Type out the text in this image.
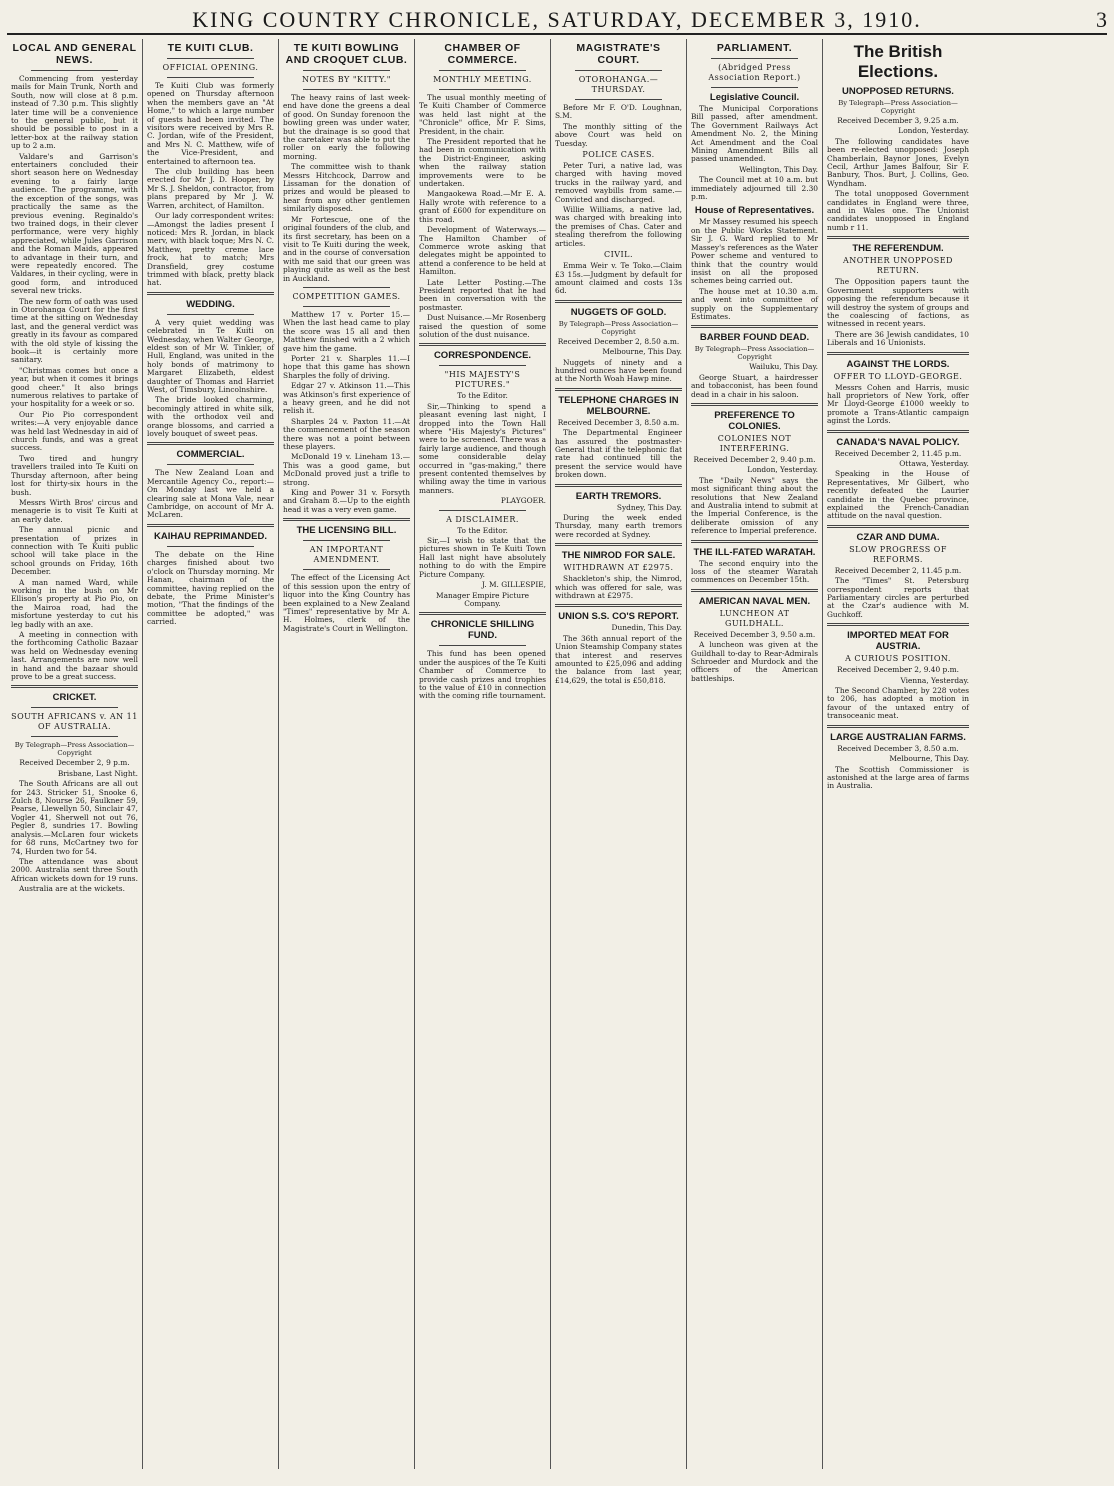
KING COUNTRY CHRONICLE, SATURDAY, DECEMBER 3, 1910.	3
LOCAL AND GENERAL NEWS.

Commencing from yesterday mails for Main Trunk, North and South, now will close at 8 p.m. instead of 7.30 p.m. This slightly later time will be a convenience to the general public, but it should be possible to post in a letter-box at the railway station up to 2 a.m.

Valdare's and Garrison's entertainers concluded their short season here on Wednesday evening to a fairly large audience. The programme, with the exception of the songs, was practically the same as the previous evening. Reginaldo's two trained dogs, in their clever performance, were very highly appreciated, while Jules Garrison and the Roman Maids, appeared to advantage in their turn, and were repeatedly encored. The Valdares, in their cycling, were in good form, and introduced several new tricks.

The new form of oath was used in Otorohanga Court for the first time at the sitting on Wednesday last, and the general verdict was greatly in its favour as compared with the old style of kissing the book—it is certainly more sanitary.

"Christmas comes but once a year, but when it comes it brings good cheer." It also brings numerous relatives to partake of your hospitality for a week or so.

Our Pio Pio correspondent writes:—A very enjoyable dance was held last Wednesday in aid of church funds, and was a great success.

Two tired and hungry travellers trailed into Te Kuiti on Thursday afternoon, after being lost for thirty-six hours in the bush.

Messrs Wirth Bros' circus and menagerie is to visit Te Kuiti at an early date.

The annual picnic and presentation of prizes in connection with Te Kuiti public school will take place in the school grounds on Friday, 16th December.

A man named Ward, while working in the bush on Mr Ellison's property at Pio Pio, on the Mairoa road, had the misfortune yesterday to cut his leg badly with an axe.

A meeting in connection with the forthcoming Catholic Bazaar was held on Wednesday evening last. Arrangements are now well in hand and the bazaar should prove to be a great success.

CRICKET.
SOUTH AFRICANS v. AN 11 OF AUSTRALIA.

By Telegraph—Press Association—Copyright

Received December 2, 9 p.m.

Brisbane, Last Night.

The South Africans are all out for 243. Stricker 51, Snooke 6, Zulch 8, Nourse 26, Faulkner 59, Pearse, Llewellyn 50, Sinclair 47, Vogler 41, Sherwell not out 76, Pegler 8, sundries 17. Bowling analysis.—McLaren four wickets for 68 runs, McCartney two for 74, Hurden two for 54.

The attendance was about 2000. Australia sent three South African wickets down for 19 runs.

Australia are at the wickets.

TE KUITI CLUB.
OFFICIAL OPENING.

Te Kuiti Club was formerly opened on Thursday afternoon when the members gave an "At Home," to which a large number of guests had been invited. The visitors were received by Mrs R. C. Jordan, wife of the President, and Mrs N. C. Matthew, wife of the Vice-President, and entertained to afternoon tea.

The club building has been erected for Mr J. D. Hooper, by Mr S. J. Sheldon, contractor, from plans prepared by Mr J. W. Warren, architect, of Hamilton.

Our lady correspondent writes:—Amongst the ladies present I noticed: Mrs R. Jordan, in black merv, with black toque; Mrs N. C. Matthew, pretty creme lace frock, hat to match; Mrs Dransfield, grey costume trimmed with black, pretty black hat.

WEDDING.

A very quiet wedding was celebrated in Te Kuiti on Wednesday, when Walter George, eldest son of Mr W. Tinkler, of Hull, England, was united in the holy bonds of matrimony to Margaret Elizabeth, eldest daughter of Thomas and Harriet West, of Timsbury, Lincolnshire.

The bride looked charming, becomingly attired in white silk, with the orthodox veil and orange blossoms, and carried a lovely bouquet of sweet peas.

COMMERCIAL.

The New Zealand Loan and Mercantile Agency Co., report:—On Monday last we held a clearing sale at Mona Vale, near Cambridge, on account of Mr A. McLaren.

KAIHAU REPRIMANDED.

The debate on the Hine charges finished about two o'clock on Thursday morning. Mr Hanan, chairman of the committee, having replied on the debate, the Prime Minister's motion, "That the findings of the committee be adopted," was carried.

TE KUITI BOWLING AND CROQUET CLUB.
NOTES BY "KITTY."

The heavy rains of last week-end have done the greens a deal of good. On Sunday forenoon the bowling green was under water, but the drainage is so good that the caretaker was able to put the roller on early the following morning.

The committee wish to thank Messrs Hitchcock, Darrow and Lissaman for the donation of prizes and would be pleased to hear from any other gentlemen similarly disposed.

Mr Fortescue, one of the original founders of the club, and its first secretary, has been on a visit to Te Kuiti during the week, and in the course of conversation with me said that our green was playing quite as well as the best in Auckland.

COMPETITION GAMES.

Matthew 17 v. Porter 15.—When the last head came to play the score was 15 all and then Matthew finished with a 2 which gave him the game.

Porter 21 v. Sharples 11.—I hope that this game has shown Sharples the folly of driving.

Edgar 27 v. Atkinson 11.—This was Atkinson's first experience of a heavy green, and he did not relish it.

Sharples 24 v. Paxton 11.—At the commencement of the season there was not a point between these players.

McDonald 19 v. Lineham 13.—This was a good game, but McDonald proved just a trifle to strong.

King and Power 31 v. Forsyth and Graham 8.—Up to the eighth head it was a very even game.

THE LICENSING BILL.
AN IMPORTANT AMENDMENT.

The effect of the Licensing Act of this session upon the entry of liquor into the King Country has been explained to a New Zealand "Times" representative by Mr A. H. Holmes, clerk of the Magistrate's Court in Wellington.

CHAMBER OF COMMERCE.
MONTHLY MEETING.

The usual monthly meeting of Te Kuiti Chamber of Commerce was held last night at the "Chronicle" office, Mr F. Sims, President, in the chair.

The President reported that he had been in communication with the District-Engineer, asking when the railway station improvements were to be undertaken.

Mangaokewa Road.—Mr E. A. Hally wrote with reference to a grant of £600 for expenditure on this road.

Development of Waterways.—The Hamilton Chamber of Commerce wrote asking that delegates might be appointed to attend a conference to be held at Hamilton.

Late Letter Posting.—The President reported that he had been in conversation with the postmaster.

Dust Nuisance.—Mr Rosenberg raised the question of some solution of the dust nuisance.

CORRESPONDENCE.
"HIS MAJESTY'S PICTURES."

To the Editor.

Sir,—Thinking to spend a pleasant evening last night, I dropped into the Town Hall where "His Majesty's Pictures" were to be screened. There was a fairly large audience, and though some considerable delay occurred in "gas-making," there present contented themselves by whiling away the time in various manners.

PLAYGOER.

A DISCLAIMER.

To the Editor.

Sir,—I wish to state that the pictures shown in Te Kuiti Town Hall last night have absolutely nothing to do with the Empire Picture Company.

J. M. GILLESPIE,

Manager Empire Picture Company.

CHRONICLE SHILLING FUND.

This fund has been opened under the auspices of the Te Kuiti Chamber of Commerce to provide cash prizes and trophies to the value of £10 in connection with the coming rifle tournament.

MAGISTRATE'S COURT.
OTOROHANGA.—THURSDAY.

Before Mr F. O'D. Loughnan, S.M.

The monthly sitting of the above Court was held on Tuesday.

POLICE CASES.

Peter Turi, a native lad, was charged with having moved trucks in the railway yard, and removed waybills from same.—Convicted and discharged.

Willie Williams, a native lad, was charged with breaking into the premises of Chas. Cater and stealing therefrom the following articles.

CIVIL.

Emma Weir v. Te Toko.—Claim £3 15s.—Judgment by default for amount claimed and costs 13s 6d.

NUGGETS OF GOLD.

By Telegraph—Press Association—Copyright

Received December 2, 8.50 a.m.

Melbourne, This Day.

Nuggets of ninety and a hundred ounces have been found at the North Woah Hawp mine.

TELEPHONE CHARGES IN MELBOURNE.

Received December 3, 8.50 a.m.

The Departmental Engineer has assured the postmaster-General that if the telephonic flat rate had continued till the present the service would have broken down.

EARTH TREMORS.

Sydney, This Day.

During the week ended Thursday, many earth tremors were recorded at Sydney.

THE NIMROD FOR SALE.
WITHDRAWN AT £2975.

Shackleton's ship, the Nimrod, which was offered for sale, was withdrawn at £2975.

UNION S.S. CO'S REPORT.

Dunedin, This Day.

The 36th annual report of the Union Steamship Company states that interest and reserves amounted to £25,096 and adding the balance from last year, £14,629, the total is £50,818.

PARLIAMENT.
(Abridged Press Association Report.)
Legislative Council.

The Municipal Corporations Bill passed, after amendment. The Government Railways Act Amendment No. 2, the Mining Act Amendment and the Coal Mining Amendment Bills all passed unamended.

Wellington, This Day.

The Council met at 10 a.m. but immediately adjourned till 2.30 p.m.

House of Representatives.

Mr Massey resumed his speech on the Public Works Statement. Sir J. G. Ward replied to Mr Massey's references as the Water Power scheme and ventured to think that the country would insist on all the proposed schemes being carried out.

The house met at 10.30 a.m. and went into committee of supply on the Supplementary Estimates.

BARBER FOUND DEAD.

By Telegraph—Press Association—Copyright

Wailuku, This Day.

George Stuart, a hairdresser and tobacconist, has been found dead in a chair in his saloon.

PREFERENCE TO COLONIES.
COLONIES NOT INTERFERING.

Received December 2, 9.40 p.m.

London, Yesterday.

The "Daily News" says the most significant thing about the resolutions that New Zealand and Australia intend to submit at the Imperial Conference, is the deliberate omission of any reference to Imperial preference.

THE ILL-FATED WARATAH.

The second enquiry into the loss of the steamer Waratah commences on December 15th.

AMERICAN NAVAL MEN.
LUNCHEON AT GUILDHALL.

Received December 3, 9.50 a.m.

A luncheon was given at the Guildhall to-day to Rear-Admirals Schroeder and Murdock and the officers of the American battleships.

The British Elections.
UNOPPOSED RETURNS.

By Telegraph—Press Association—Copyright

Received December 3, 9.25 a.m.

London, Yesterday.

The following candidates have been re-elected unopposed: Joseph Chamberlain, Baynor Jones, Evelyn Cecil, Arthur James Balfour, Sir F. Banbury, Thos. Burt, J. Collins, Geo. Wyndham.

The total unopposed Government candidates in England were three, and in Wales one. The Unionist candidates unopposed in England numb r 11.

THE REFERENDUM.
ANOTHER UNOPPOSED RETURN.

The Opposition papers taunt the Government supporters with opposing the referendum because it will destroy the system of groups and the coalescing of factions, as witnessed in recent years.

There are 36 Jewish candidates, 10 Liberals and 16 Unionists.

AGAINST THE LORDS.
OFFER TO LLOYD-GEORGE.

Messrs Cohen and Harris, music hall proprietors of New York, offer Mr Lloyd-George £1000 weekly to promote a Trans-Atlantic campaign aginst the Lords.

CANADA'S NAVAL POLICY.

Received December 2, 11.45 p.m.

Ottawa, Yesterday.

Speaking in the House of Representatives, Mr Gilbert, who recently defeated the Laurier candidate in the Quebec province, explained the French-Canadian attitude on the naval question.

CZAR AND DUMA.
SLOW PROGRESS OF REFORMS.

Received December 2, 11.45 p.m.

The "Times" St. Petersburg correspondent reports that Parliamentary circles are perturbed at the Czar's audience with M. Guchkoff.

IMPORTED MEAT FOR AUSTRIA.
A CURIOUS POSITION.

Received December 2, 9.40 p.m.

Vienna, Yesterday.

The Second Chamber, by 228 votes to 206, has adopted a motion in favour of the untaxed entry of transoceanic meat.

LARGE AUSTRALIAN FARMS.

Received December 3, 8.50 a.m.

Melbourne, This Day.

The Scottish Commissioner is astonished at the large area of farms in Australia.
